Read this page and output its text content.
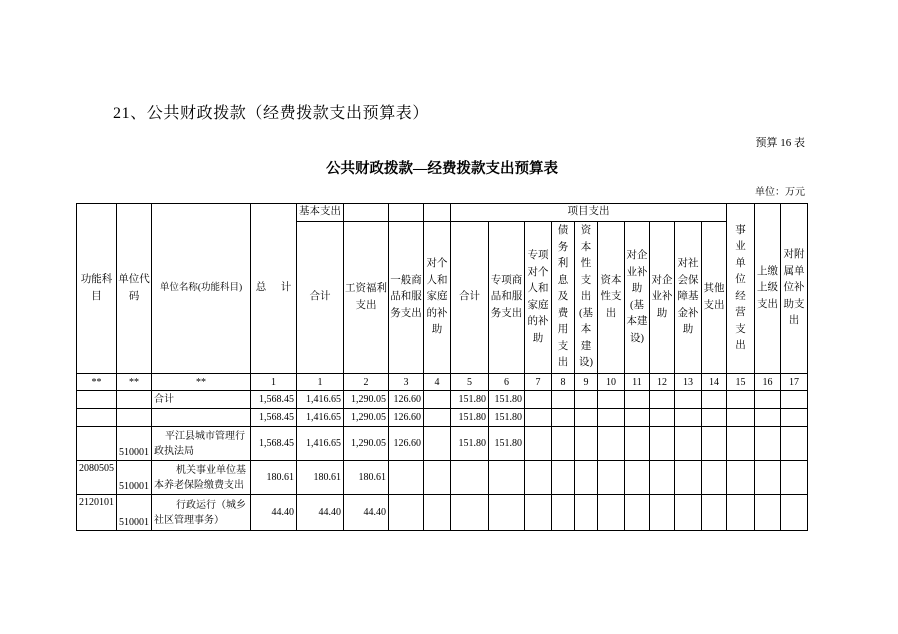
21、公共财政拨款（经费拨款支出预算表）
预算 16 表
公共财政拨款—经费拨款支出预算表
单位：万元
功能科目	单位代码	单位名称(功能科目)	总 计	基本支出				项目支出										事业单位经营支出	上缴上级支出	对附属单位补助支出
				合计	工资福利支出	一般商品和服务支出	对个人和家庭的补助	合计	专项商品和服务支出	专项对个人和家庭的补助	债务利息及费用支出	资本性支出(基本建设)	资本性支出	对企业补助(基本建设)	对企业补助	对社会保障基金补助	其他支出			
**	**	**	1	1	2	3	4	5	6	7	8	9	10	11	12	13	14	15	16	17
		合计	1,568.45	1,416.65	1,290.05	126.60		151.80	151.80											
			1,568.45	1,416.65	1,290.05	126.60		151.80	151.80											
	510001	平江县城市管理行政执法局	1,568.45	1,416.65	1,290.05	126.60		151.80	151.80											
2080505	510001	机关事业单位基本养老保险缴费支出	180.61	180.61	180.61															
2120101	510001	行政运行（城乡社区管理事务）	44.40	44.40	44.40															
